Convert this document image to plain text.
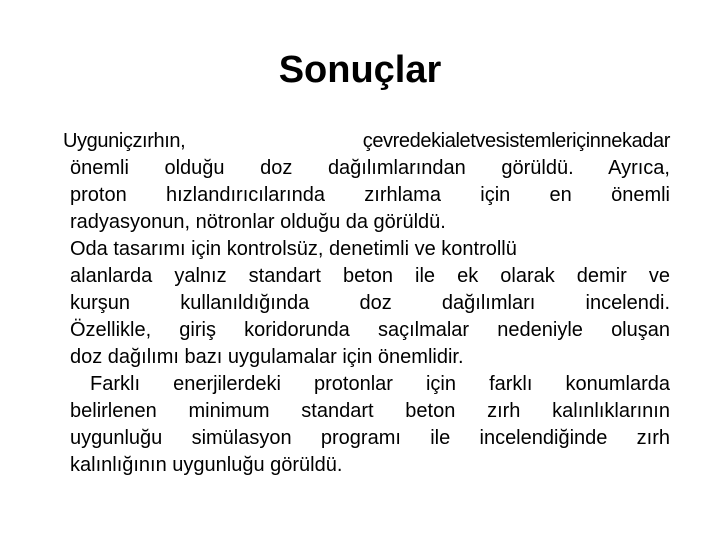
Sonuçlar
Uyguniçzırhın, çevredekialetvesistemleriçinnekadar
önemli olduğu doz dağılımlarından görüldü. Ayrıca,
proton hızlandırıcılarında zırhlama için en önemli
radyasyonun, nötronlar olduğu da görüldü.
Oda tasarımı için kontrolsüz, denetimli ve kontrollü
alanlarda yalnız standart beton ile ek olarak demir ve
kurşun kullanıldığında doz dağılımları incelendi.
Özellikle, giriş koridorunda saçılmalar nedeniyle oluşan
doz dağılımı bazı uygulamalar için önemlidir.
Farklı enerjilerdeki protonlar için farklı konumlarda
belirlenen minimum standart beton zırh kalınlıklarının
uygunluğu simülasyon programı ile incelendiğinde zırh
kalınlığının uygunluğu görüldü.
